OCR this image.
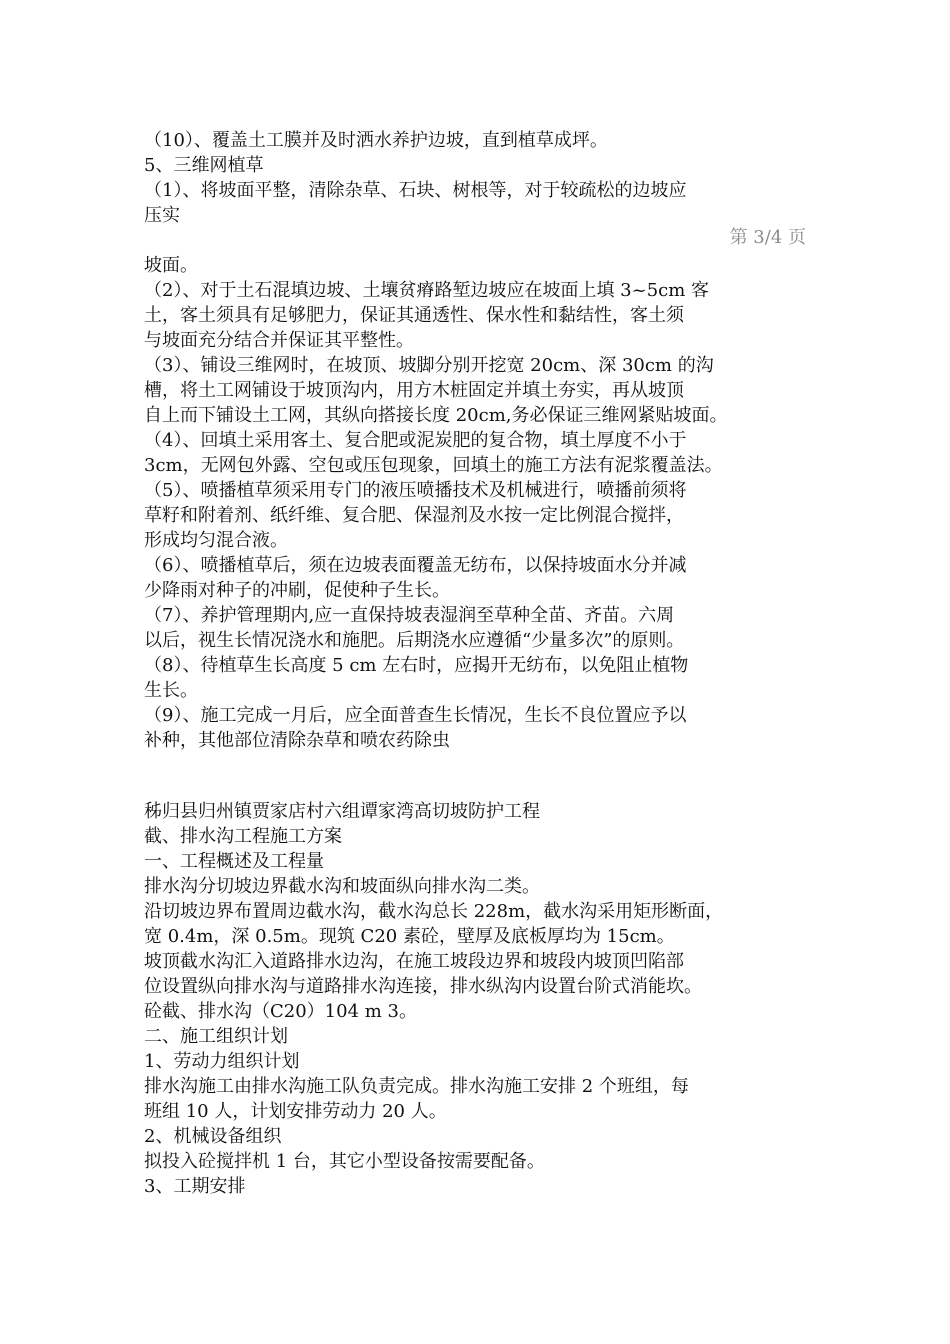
第 3/4 页
（10）、覆盖土工膜并及时洒水养护边坡，直到植草成坪。
5、三维网植草
（1）、将坡面平整，清除杂草、石块、树根等，对于较疏松的边坡应
压实
坡面。
（2）、对于土石混填边坡、土壤贫瘠路堑边坡应在坡面上填 3~5cm 客
土，客土须具有足够肥力，保证其通透性、保水性和黏结性，客土须
与坡面充分结合并保证其平整性。
（3）、铺设三维网时，在坡顶、坡脚分别开挖宽 20cm、深 30cm 的沟
槽，将土工网铺设于坡顶沟内，用方木桩固定并填土夯实，再从坡顶
自上而下铺设土工网，其纵向搭接长度 20cm,务必保证三维网紧贴坡面。
（4）、回填土采用客土、复合肥或泥炭肥的复合物，填土厚度不小于
3cm，无网包外露、空包或压包现象，回填土的施工方法有泥浆覆盖法。
（5）、喷播植草须采用专门的液压喷播技术及机械进行，喷播前须将
草籽和附着剂、纸纤维、复合肥、保湿剂及水按一定比例混合搅拌，
形成均匀混合液。
（6）、喷播植草后，须在边坡表面覆盖无纺布，以保持坡面水分并减
少降雨对种子的冲刷，促使种子生长。
（7）、养护管理期内,应一直保持坡表湿润至草种全苗、齐苗。六周
以后，视生长情况浇水和施肥。后期浇水应遵循“少量多次”的原则。
（8）、待植草生长高度 5 cm 左右时，应揭开无纺布，以免阻止植物
生长。
（9）、施工完成一月后，应全面普查生长情况，生长不良位置应予以
补种，其他部位清除杂草和喷农药除虫
秭归县归州镇贾家店村六组谭家湾高切坡防护工程
截、排水沟工程施工方案
一、工程概述及工程量
排水沟分切坡边界截水沟和坡面纵向排水沟二类。
沿切坡边界布置周边截水沟，截水沟总长 228m，截水沟采用矩形断面，
宽 0.4m，深 0.5m。现筑 C20 素砼，壁厚及底板厚均为 15cm。
坡顶截水沟汇入道路排水边沟，在施工坡段边界和坡段内坡顶凹陷部
位设置纵向排水沟与道路排水沟连接，排水纵沟内设置台阶式消能坎。
砼截、排水沟（C20）104 m 3。
二、施工组织计划
1、劳动力组织计划
排水沟施工由排水沟施工队负责完成。排水沟施工安排 2 个班组，每
班组 10 人，计划安排劳动力 20 人。
2、机械设备组织
拟投入砼搅拌机 1 台，其它小型设备按需要配备。
3、工期安排
